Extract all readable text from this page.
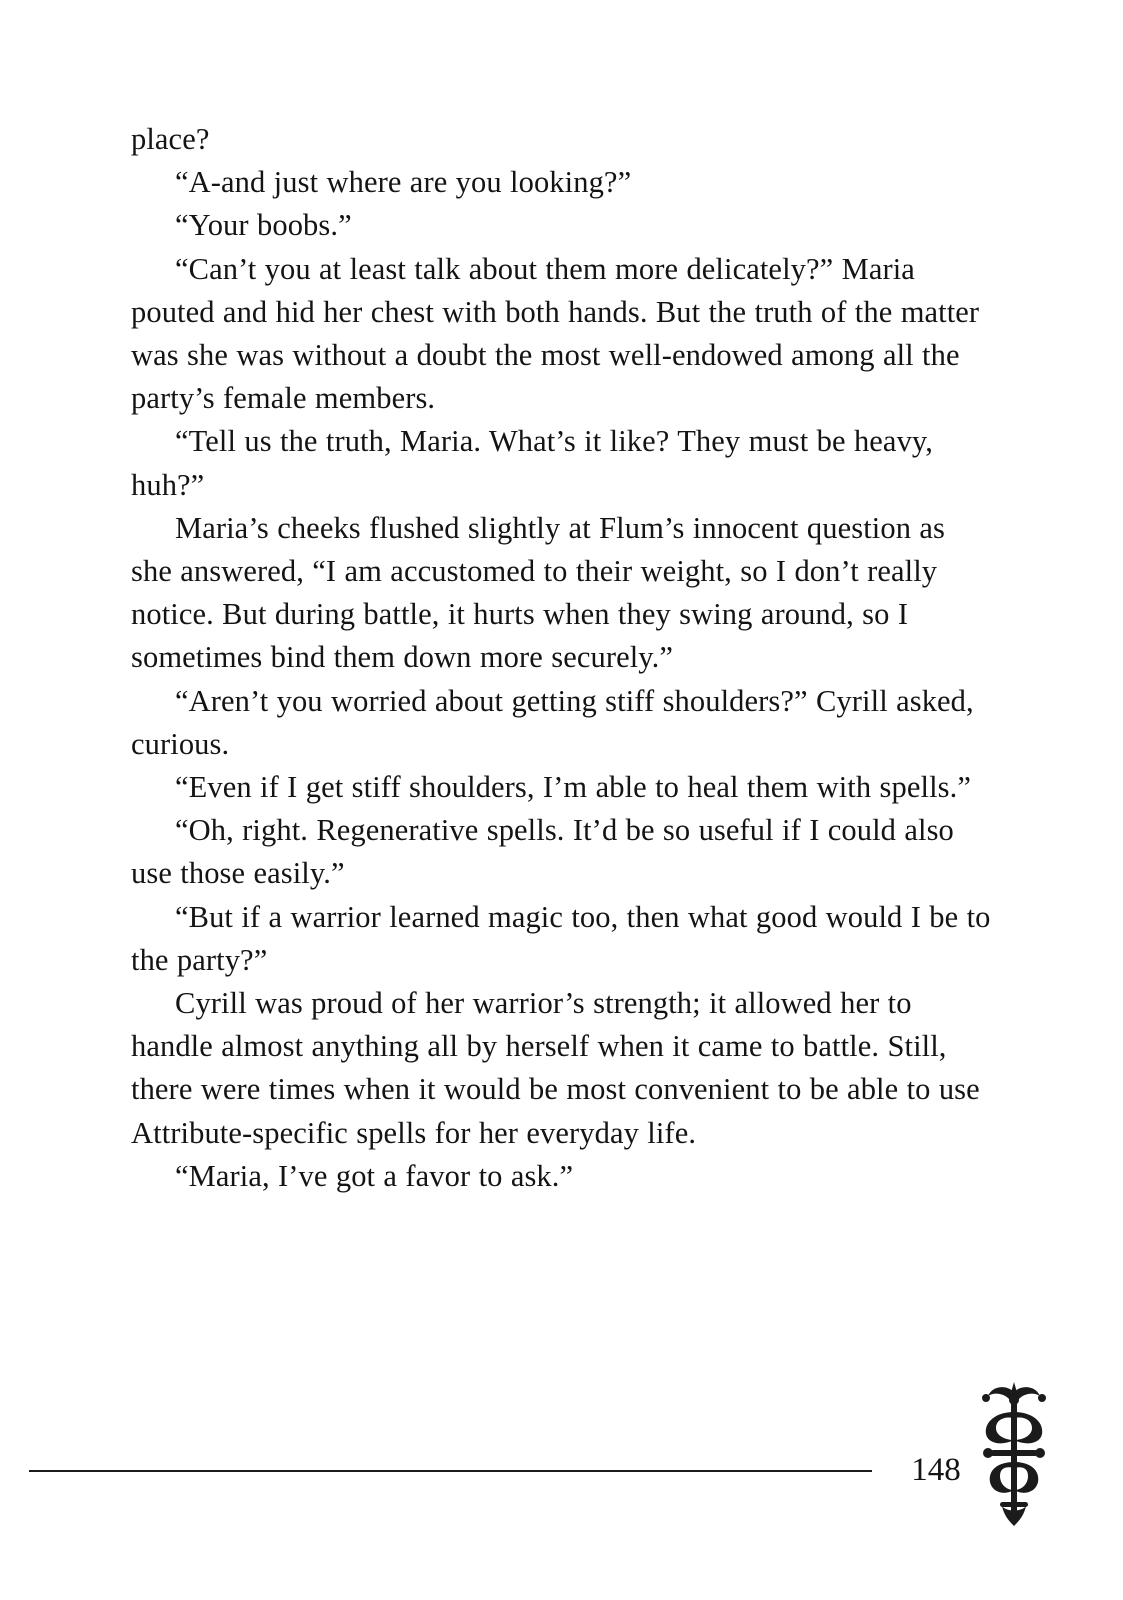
place?

“A-and just where are you looking?”

“Your boobs.”

“Can’t you at least talk about them more delicately?” Maria pouted and hid her chest with both hands. But the truth of the matter was she was without a doubt the most well-endowed among all the party’s female members.

“Tell us the truth, Maria. What’s it like? They must be heavy, huh?”

Maria’s cheeks flushed slightly at Flum’s innocent question as she answered, “I am accustomed to their weight, so I don’t really notice. But during battle, it hurts when they swing around, so I sometimes bind them down more securely.”

“Aren’t you worried about getting stiff shoulders?” Cyrill asked, curious.

“Even if I get stiff shoulders, I’m able to heal them with spells.”

“Oh, right. Regenerative spells. It’d be so useful if I could also use those easily.”

“But if a warrior learned magic too, then what good would I be to the party?”

Cyrill was proud of her warrior’s strength; it allowed her to handle almost anything all by herself when it came to battle. Still, there were times when it would be most convenient to be able to use Attribute-specific spells for her everyday life.

“Maria, I’ve got a favor to ask.”

148
